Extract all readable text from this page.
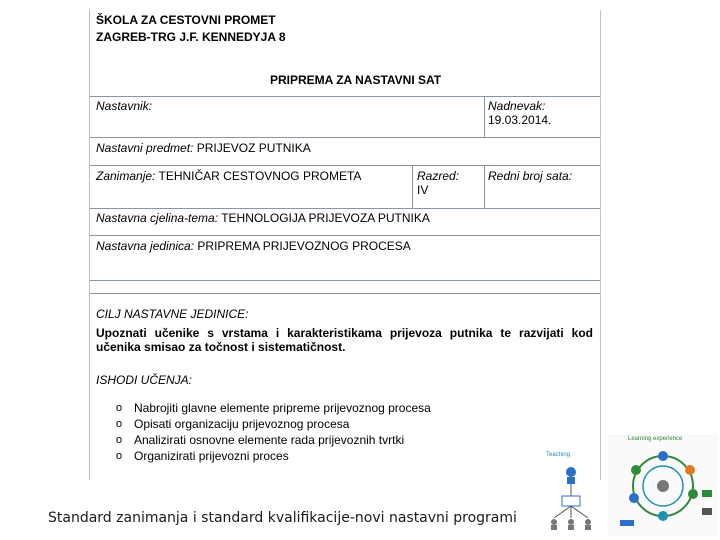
ŠKOLA ZA CESTOVNI PROMET
ZAGREB-TRG J.F. KENNEDYJA 8
PRIPREMA ZA NASTAVNI SAT
Nastavnik:	Nadnevak:
19.03.2014.
Nastavni predmet: PRIJEVOZ PUTNIKA
Zanimanje: TEHNIČAR CESTOVNOG PROMETA	Razred:
IV
Redni broj sata:
Nastavna cjelina-tema: TEHNOLOGIJA PRIJEVOZA PUTNIKA
Nastavna jedinica: PRIPREMA PRIJEVOZNOG PROCESA
CILJ NASTAVNE JEDINICE:
Upoznati učenike s vrstama i karakteristikama prijevoza putnika te razvijati kod učenika smisao za točnost i sistematičnost.
ISHODI UČENJA:
o Nabrojiti glavne elemente pripreme prijevoznog procesa
o Opisati organizaciju prijevoznog procesa
o Analizirati osnovne elemente rada prijevoznih tvrtki
o Organizirati prijevozni proces
Standard zanimanja i standard kvalifikacije-novi nastavni programi
Teaching
Learning experience
